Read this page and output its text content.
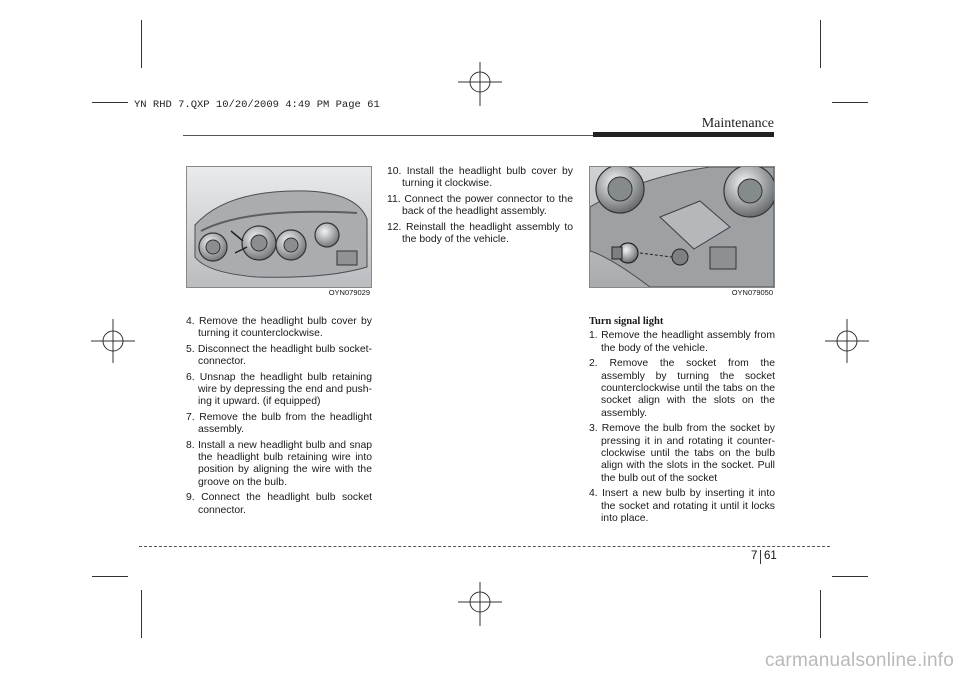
YN RHD 7.QXP 10/20/2009 4:49 PM Page 61
Maintenance
OYN079029	OYN079050
4. Remove the headlight bulb cover by turning it counterclockwise.
5. Disconnect the headlight bulb socket-connector.
6. Unsnap the headlight bulb retaining wire by depressing the end and push-ing it upward. (if equipped)
7. Remove the bulb from the headlight assembly.
8. Install a new headlight bulb and snap the headlight bulb retaining wire into position by aligning the wire with the groove on the bulb.
9. Connect the headlight bulb socket connector.
10. Install the headlight bulb cover by turning it clockwise.
11. Connect the power connector to the back of the headlight assembly.
12. Reinstall the headlight assembly to the body of the vehicle.
Turn signal light
1. Remove the headlight assembly from the body of the vehicle.
2. Remove the socket from the assembly by turning the socket counterclockwise until the tabs on the socket align with the slots on the assembly.
3. Remove the bulb from the socket by pressing it in and rotating it counter-clockwise until the tabs on the bulb align with the slots in the socket. Pull the bulb out of the socket
4. Insert a new bulb by inserting it into the socket and rotating it until it locks into place.
7 61
carmanualsonline.info
